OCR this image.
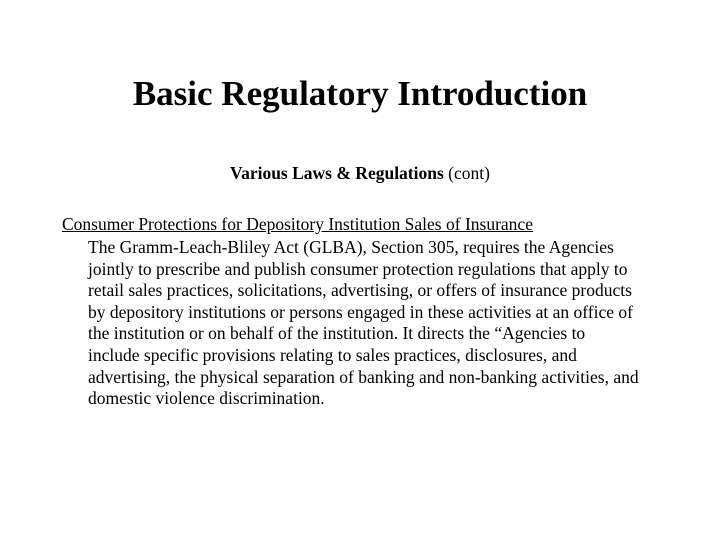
Basic Regulatory Introduction
Various Laws & Regulations (cont)
Consumer Protections for Depository Institution Sales of Insurance
The Gramm-Leach-Bliley Act (GLBA), Section 305, requires the Agencies
jointly to prescribe and publish consumer protection regulations that apply to
retail sales practices, solicitations, advertising, or offers of insurance products
by depository institutions or persons engaged in these activities at an office of
the institution or on behalf of the institution. It directs the “Agencies to
include specific provisions relating to sales practices, disclosures, and
advertising, the physical separation of banking and non-banking activities, and
domestic violence discrimination.
